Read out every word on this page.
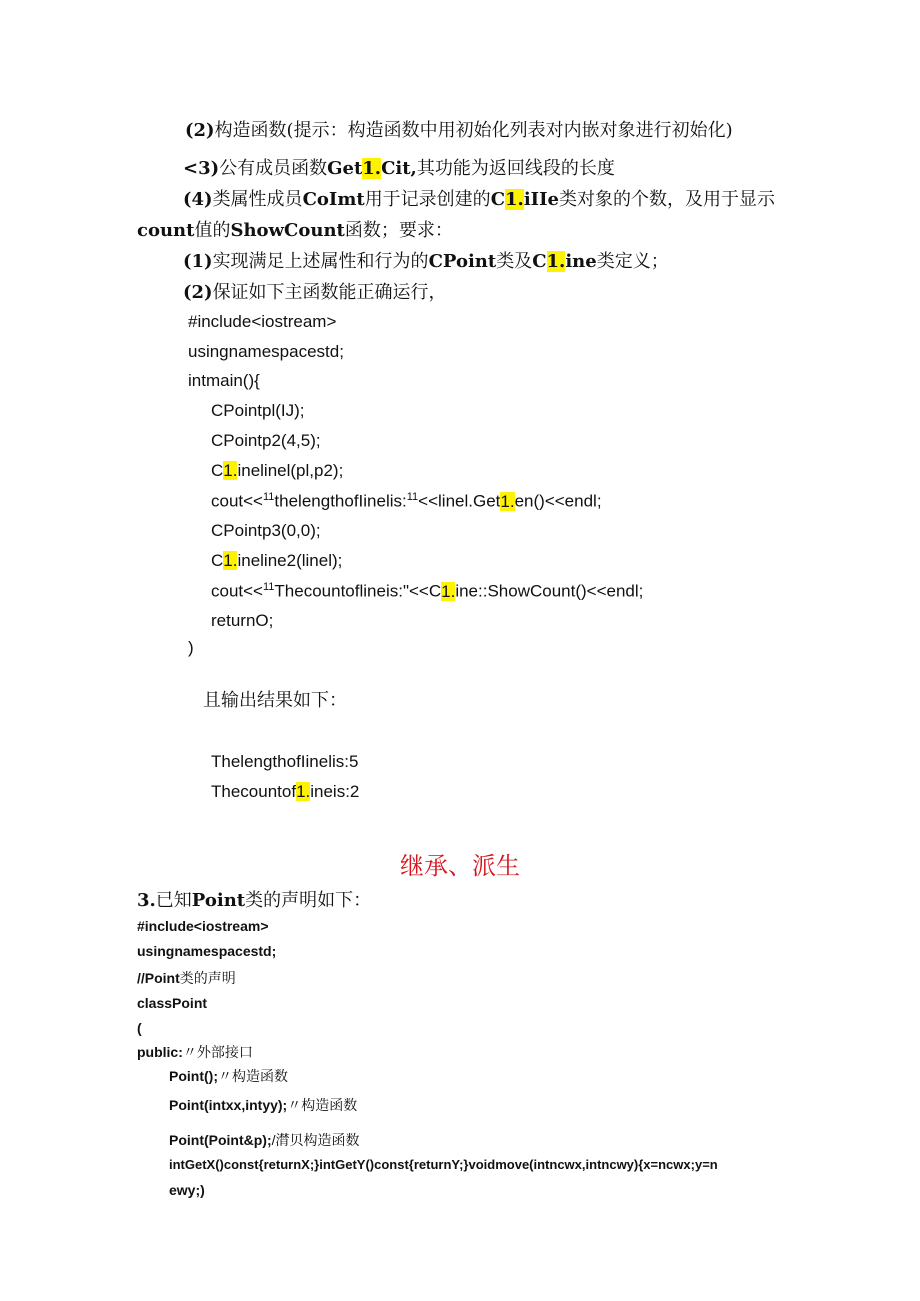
(2)构造函数(提示：构造函数中用初始化列表对内嵌对象进行初始化)
<3)公有成员函数Get1.Cit,其功能为返回线段的长度
(4)类属性成员CoImt用于记录创建的C1.iIIe类对象的个数，及用于显示
count值的ShowCount函数；要求：
(1)实现满足上述属性和行为的CPoint类及C1.ine类定义；
(2)保证如下主函数能正确运行，
#include<iostream>
usingnamespacestd;
intmain(){
CPointpl(IJ);
CPointp2(4,5);
C1.inelinel(pl,p2);
cout<<$^{11}$thelengthofIinelis:$^{11}$<<linel.Get1.en()<<endl;
CPointp3(0,0);
C1.ineline2(linel);
cout<<$^{11}$Thecountoflineis:"<<C1.ine::ShowCount()<<endl;
returnO;
)
且输出结果如下：
ThelengthofIinelis:5
Thecountof1.ineis:2
继承、派生
3.已知Point类的声明如下：
#include<iostream>
usingnamespacestd;
//Point类的声明
classPoint
(
public:〃外部接口
Point();〃构造函数
Point(intxx,intyy);〃构造函数
Point(Point&p);/潸贝构造函数
intGetX()const{returnX;}intGetY()const{returnY;}voidmove(intncwx,intncwy){x=ncwx;y=n
ewy;)
